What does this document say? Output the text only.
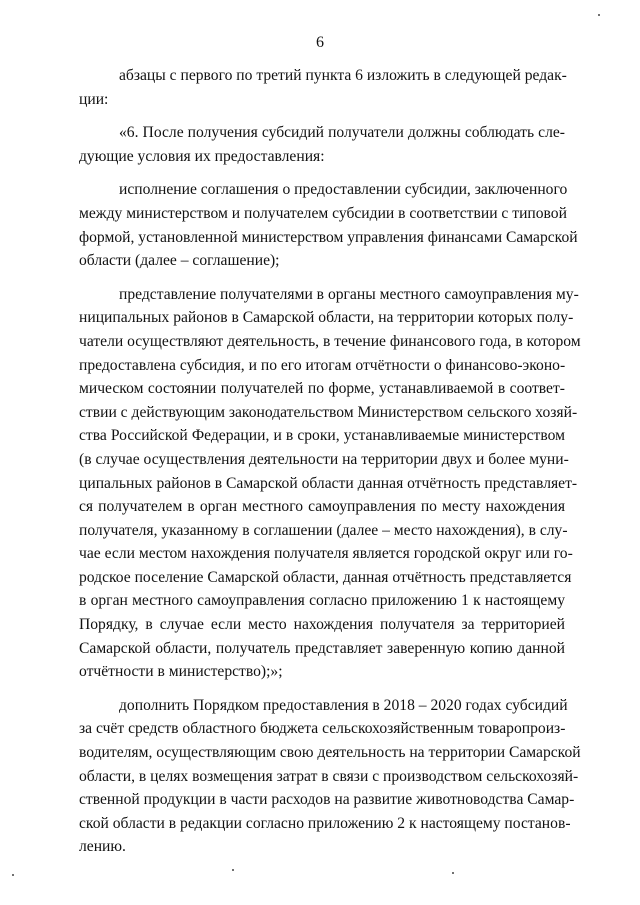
6
абзацы с первого по третий пункта 6 изложить в следующей редак-
ции:
«6. После получения субсидий получатели должны соблюдать сле-
дующие условия их предоставления:
исполнение соглашения о предоставлении субсидии, заключенного
между министерством и получателем субсидии в соответствии с типовой
формой, установленной министерством управления финансами Самарской
области (далее – соглашение);
представление получателями в органы местного самоуправления му-
ниципальных районов в Самарской области, на территории которых полу-
чатели осуществляют деятельность, в течение финансового года, в котором
предоставлена субсидия, и по его итогам отчётности о финансово-эконо-
мическом состоянии получателей по форме, устанавливаемой в соответ-
ствии с действующим законодательством Министерством сельского хозяй-
ства Российской Федерации, и в сроки, устанавливаемые министерством
(в случае осуществления деятельности на территории двух и более муни-
ципальных районов в Самарской области данная отчётность представляет-
ся получателем в орган местного самоуправления по месту нахождения
получателя, указанному в соглашении (далее – место нахождения), в слу-
чае если местом нахождения получателя является городской округ или го-
родское поселение Самарской области, данная отчётность представляется
в орган местного самоуправления согласно приложению 1 к настоящему
Порядку, в случае если место нахождения получателя за территорией
Самарской области, получатель представляет заверенную копию данной
отчётности в министерство);»;
дополнить Порядком предоставления в 2018 – 2020 годах субсидий
за счёт средств областного бюджета сельскохозяйственным товаропроиз-
водителям, осуществляющим свою деятельность на территории Самарской
области, в целях возмещения затрат в связи с производством сельскохозяй-
ственной продукции в части расходов на развитие животноводства Самар-
ской области в редакции согласно приложению 2 к настоящему постанов-
лению.
